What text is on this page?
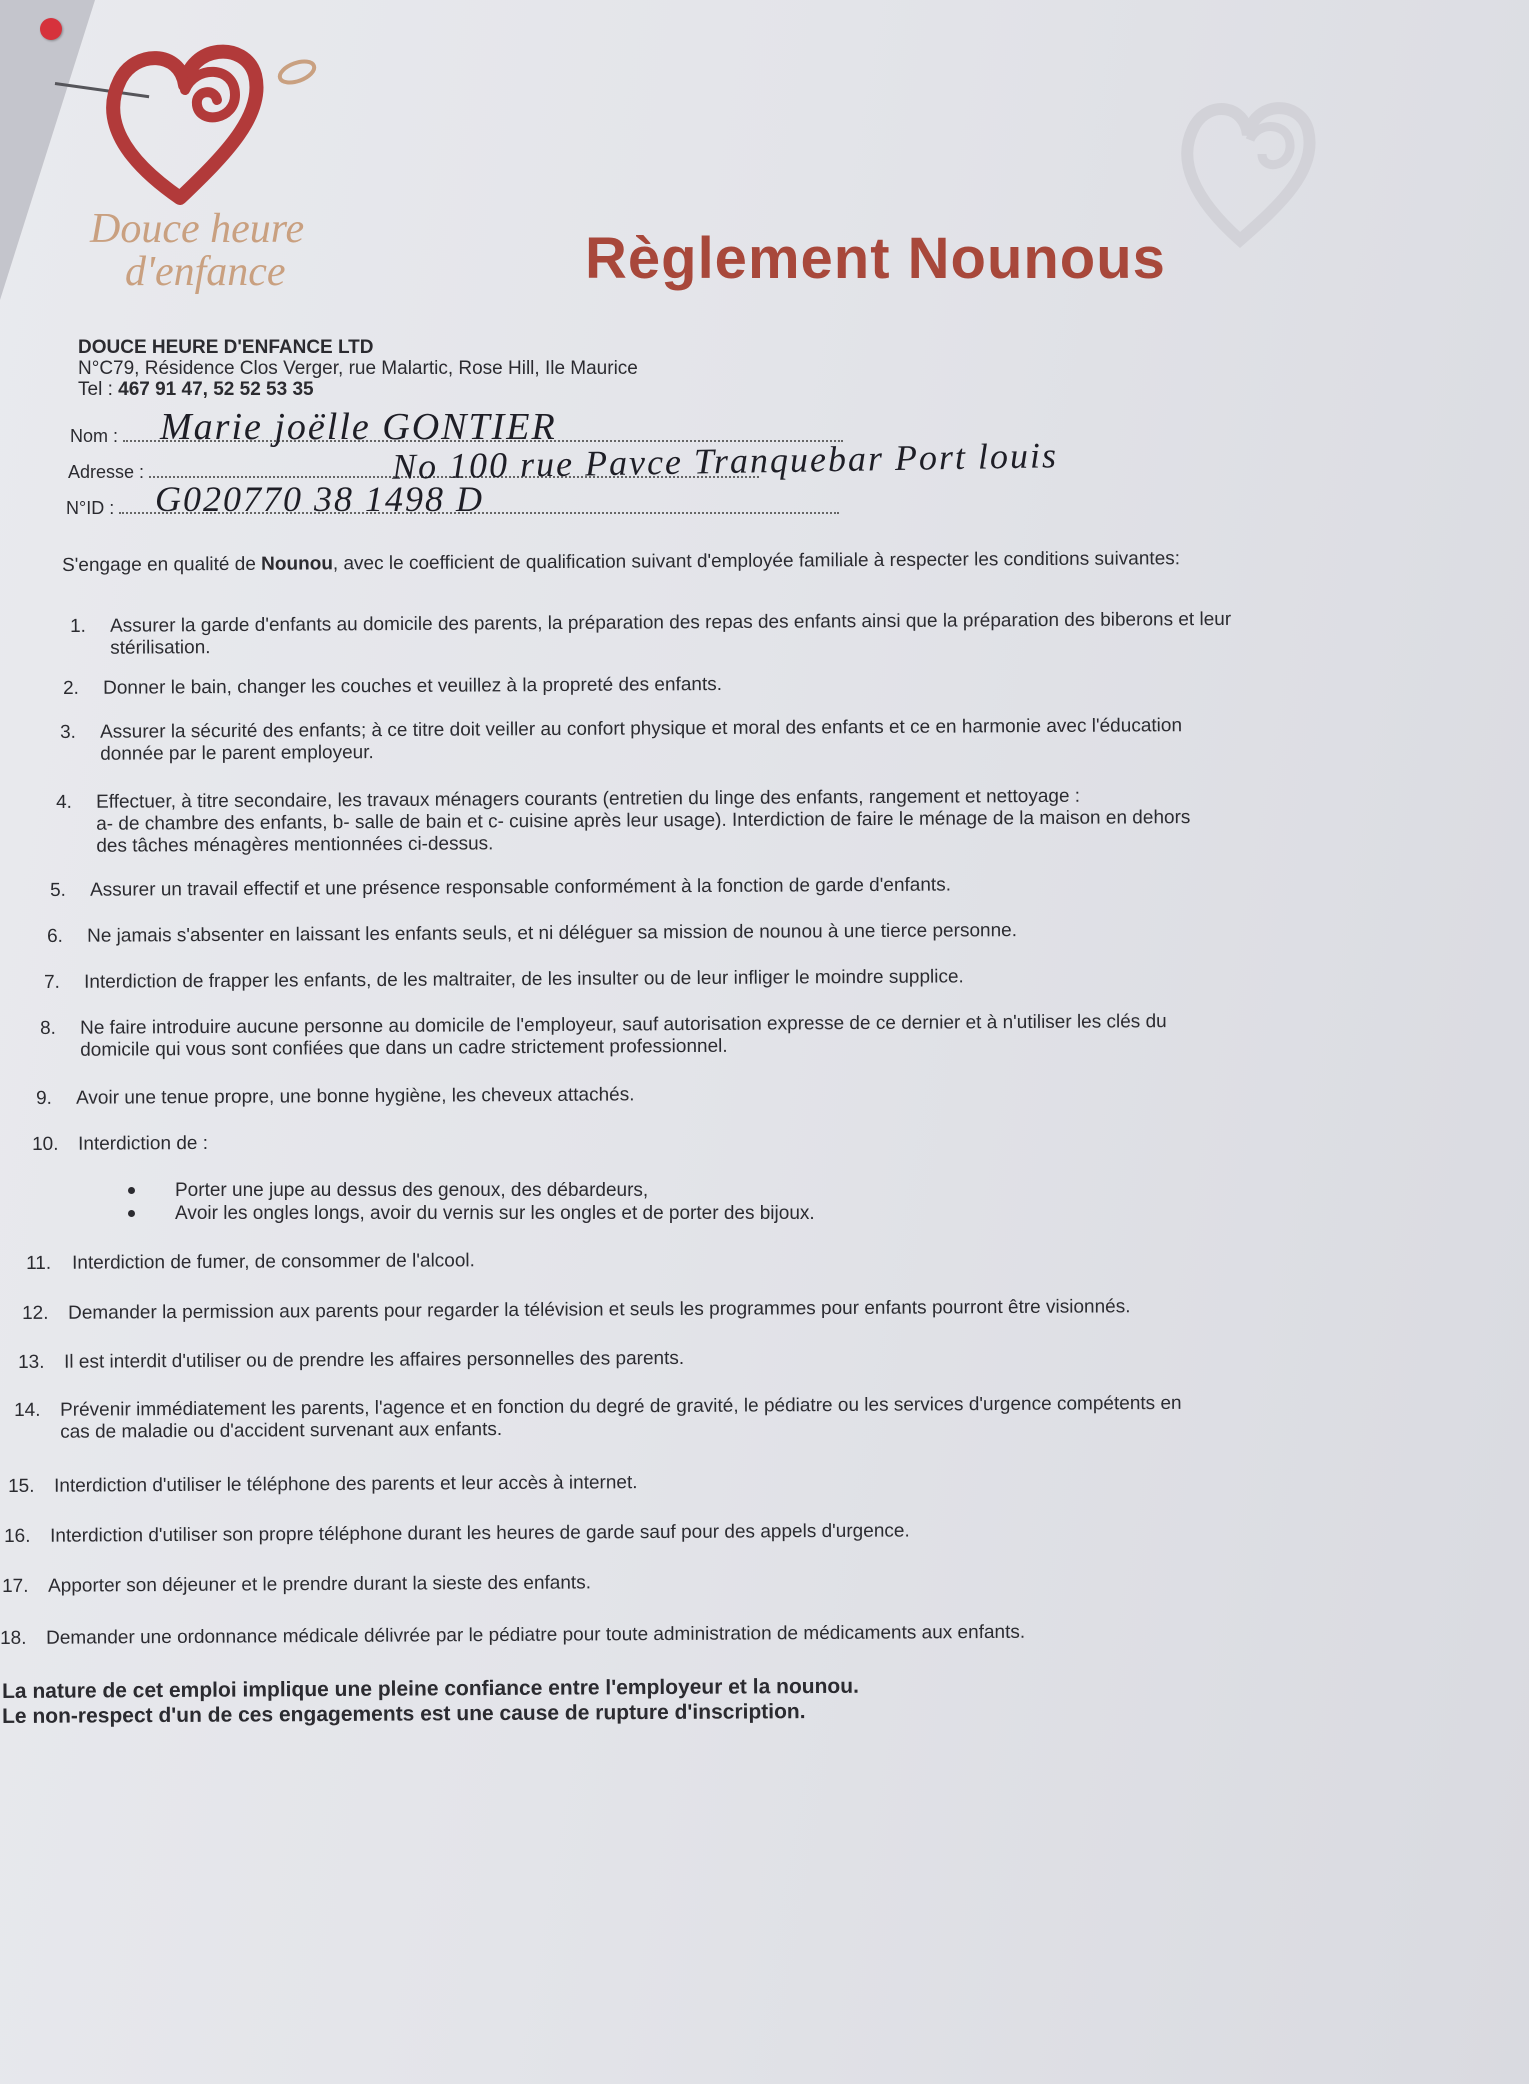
Douce heure
d'enfance	Règlement Nounous
DOUCE HEURE D'ENFANCE LTD
N°C79, Résidence Clos Verger, rue Malartic, Rose Hill, Ile Maurice
Tel : 467 91 47, 52 52 53 35
Nom :	Marie joëlle GONTIER
Adresse :	No 100 rue Pavce Tranquebar Port louis
N°ID :	G020770 38 1498 D
S'engage en qualité de Nounou, avec le coefficient de qualification suivant d'employée familiale à respecter les conditions suivantes:
1. Assurer la garde d'enfants au domicile des parents, la préparation des repas des enfants ainsi que la préparation des biberons et leur
stérilisation.
2. Donner le bain, changer les couches et veuillez à la propreté des enfants.
3. Assurer la sécurité des enfants; à ce titre doit veiller au confort physique et moral des enfants et ce en harmonie avec l'éducation
donnée par le parent employeur.
4. Effectuer, à titre secondaire, les travaux ménagers courants (entretien du linge des enfants, rangement et nettoyage :
a- de chambre des enfants, b- salle de bain et c- cuisine après leur usage). Interdiction de faire le ménage de la maison en dehors
des tâches ménagères mentionnées ci-dessus.
5. Assurer un travail effectif et une présence responsable conformément à la fonction de garde d'enfants.
6. Ne jamais s'absenter en laissant les enfants seuls, et ni déléguer sa mission de nounou à une tierce personne.
7. Interdiction de frapper les enfants, de les maltraiter, de les insulter ou de leur infliger le moindre supplice.
8. Ne faire introduire aucune personne au domicile de l'employeur, sauf autorisation expresse de ce dernier et à n'utiliser les clés du
domicile qui vous sont confiées que dans un cadre strictement professionnel.
9. Avoir une tenue propre, une bonne hygiène, les cheveux attachés.
10. Interdiction de :
11. Interdiction de fumer, de consommer de l'alcool.
12. Demander la permission aux parents pour regarder la télévision et seuls les programmes pour enfants pourront être visionnés.
13. Il est interdit d'utiliser ou de prendre les affaires personnelles des parents.
14. Prévenir immédiatement les parents, l'agence et en fonction du degré de gravité, le pédiatre ou les services d'urgence compétents en
cas de maladie ou d'accident survenant aux enfants.
15. Interdiction d'utiliser le téléphone des parents et leur accès à internet.
16. Interdiction d'utiliser son propre téléphone durant les heures de garde sauf pour des appels d'urgence.
17. Apporter son déjeuner et le prendre durant la sieste des enfants.
18. Demander une ordonnance médicale délivrée par le pédiatre pour toute administration de médicaments aux enfants.
Porter une jupe au dessus des genoux, des débardeurs,
Avoir les ongles longs, avoir du vernis sur les ongles et de porter des bijoux.
La nature de cet emploi implique une pleine confiance entre l'employeur et la nounou.
Le non-respect d'un de ces engagements est une cause de rupture d'inscription.
